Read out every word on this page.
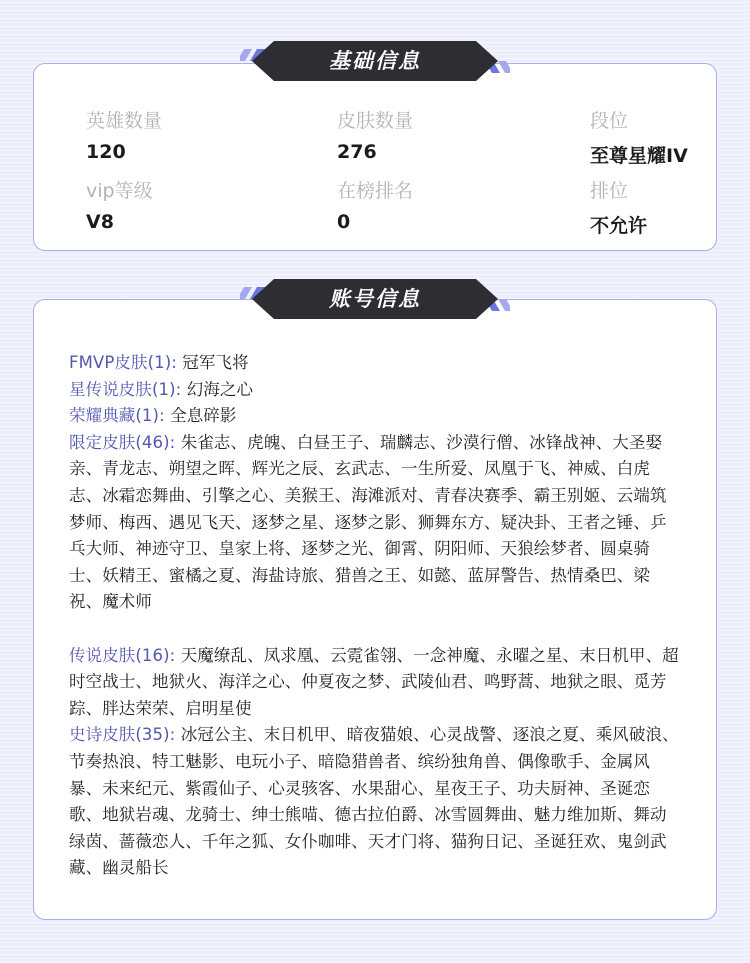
英雄数量
120
皮肤数量
276
段位
至尊星耀IV
vip等级
V8
在榜排名
0
排位
不允许
基础信息
FMVP皮肤(1): 冠军飞将
星传说皮肤(1): 幻海之心
荣耀典藏(1): 全息碎影
限定皮肤(46): 朱雀志、虎魄、白昼王子、瑞麟志、沙漠行僧、冰锋战神、大圣娶亲、青龙志、朔望之晖、辉光之辰、玄武志、一生所爱、凤凰于飞、神威、白虎志、冰霜恋舞曲、引擎之心、美猴王、海滩派对、青春决赛季、霸王别姬、云端筑梦师、梅西、遇见飞天、逐梦之星、逐梦之影、狮舞东方、疑决卦、王者之锤、乒乓大师、神迹守卫、皇家上将、逐梦之光、御霄、阴阳师、天狼绘梦者、圆桌骑士、妖精王、蜜橘之夏、海盐诗旅、猎兽之王、如懿、蓝屏警告、热情桑巴、梁祝、魔术师
传说皮肤(16): 天魔缭乱、凤求凰、云霓雀翎、一念神魔、永曜之星、末日机甲、超时空战士、地狱火、海洋之心、仲夏夜之梦、武陵仙君、鸣野蒿、地狱之眼、觅芳踪、胖达荣荣、启明星使
史诗皮肤(35): 冰冠公主、末日机甲、暗夜猫娘、心灵战警、逐浪之夏、乘风破浪、节奏热浪、特工魅影、电玩小子、暗隐猎兽者、缤纷独角兽、偶像歌手、金属风暴、未来纪元、紫霞仙子、心灵骇客、水果甜心、星夜王子、功夫厨神、圣诞恋歌、地狱岩魂、龙骑士、绅士熊喵、德古拉伯爵、冰雪圆舞曲、魅力维加斯、舞动绿茵、蔷薇恋人、千年之狐、女仆咖啡、天才门将、猫狗日记、圣诞狂欢、鬼剑武藏、幽灵船长
账号信息
